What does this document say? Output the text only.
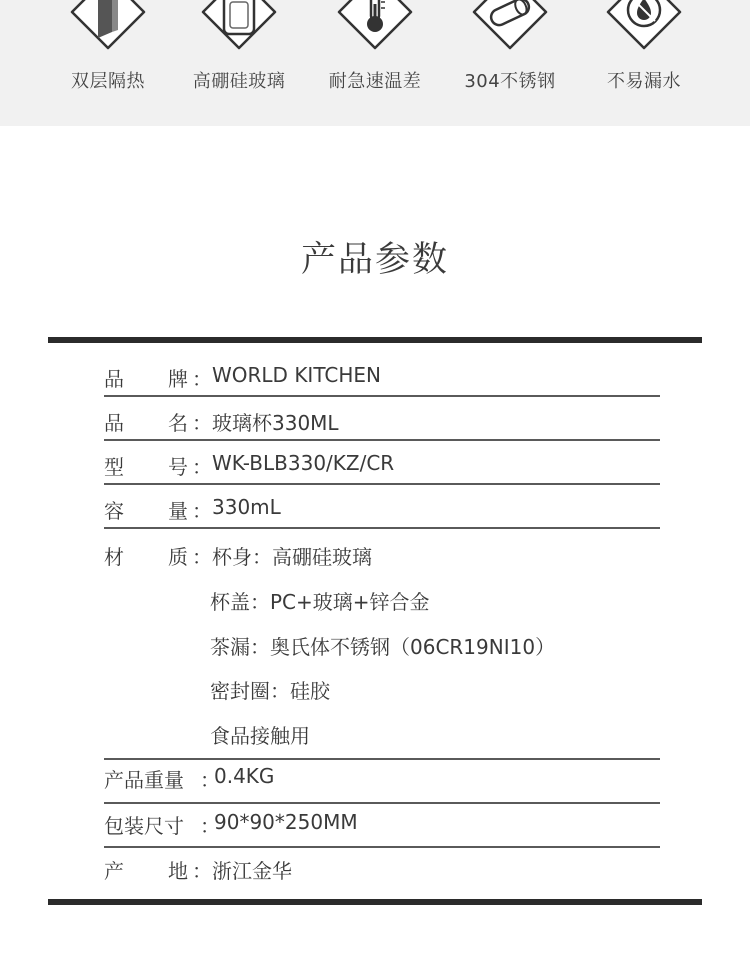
双层隔热	高硼硅玻璃	耐急速温差	304不锈钢	不易漏水
产品参数
品 牌 ： WORLD KITCHEN
品 名 ： 玻璃杯330ML
型 号 ： WK-BLB330/KZ/CR
容 量 ： 330mL
材 质 ： 杯身：高硼硅玻璃
杯盖：PC+玻璃+锌合金
茶漏：奥氏体不锈钢（06CR19NI10）
密封圈：硅胶
食品接触用
产品重量 ：
0.4KG
包装尺寸 ：
90*90*250MM
产 地 ： 浙江金华
